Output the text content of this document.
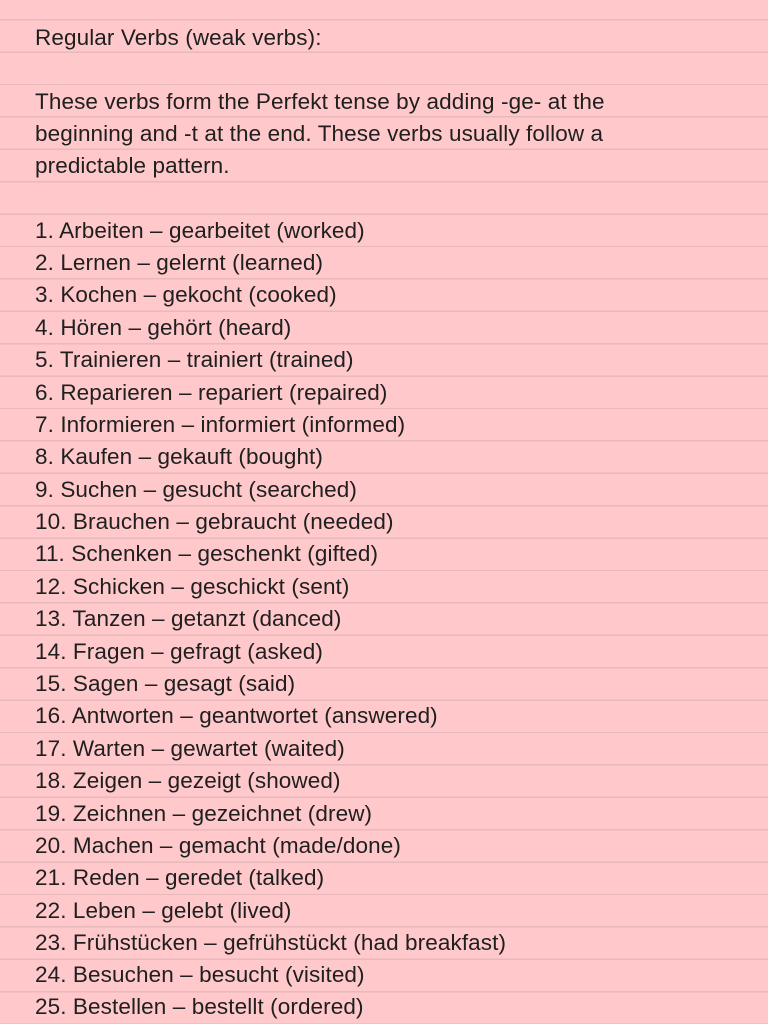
Regular Verbs (weak verbs):
These verbs form the Perfekt tense by adding -ge- at the
beginning and -t at the end. These verbs usually follow a
predictable pattern.
1. Arbeiten – gearbeitet (worked)
2. Lernen – gelernt (learned)
3. Kochen – gekocht (cooked)
4. Hören – gehört (heard)
5. Trainieren – trainiert (trained)
6. Reparieren – repariert (repaired)
7. Informieren – informiert (informed)
8. Kaufen – gekauft (bought)
9. Suchen – gesucht (searched)
10. Brauchen – gebraucht (needed)
11. Schenken – geschenkt (gifted)
12. Schicken – geschickt (sent)
13. Tanzen – getanzt (danced)
14. Fragen – gefragt (asked)
15. Sagen – gesagt (said)
16. Antworten – geantwortet (answered)
17. Warten – gewartet (waited)
18. Zeigen – gezeigt (showed)
19. Zeichnen – gezeichnet (drew)
20. Machen – gemacht (made/done)
21. Reden – geredet (talked)
22. Leben – gelebt (lived)
23. Frühstücken – gefrühstückt (had breakfast)
24. Besuchen – besucht (visited)
25. Bestellen – bestellt (ordered)
